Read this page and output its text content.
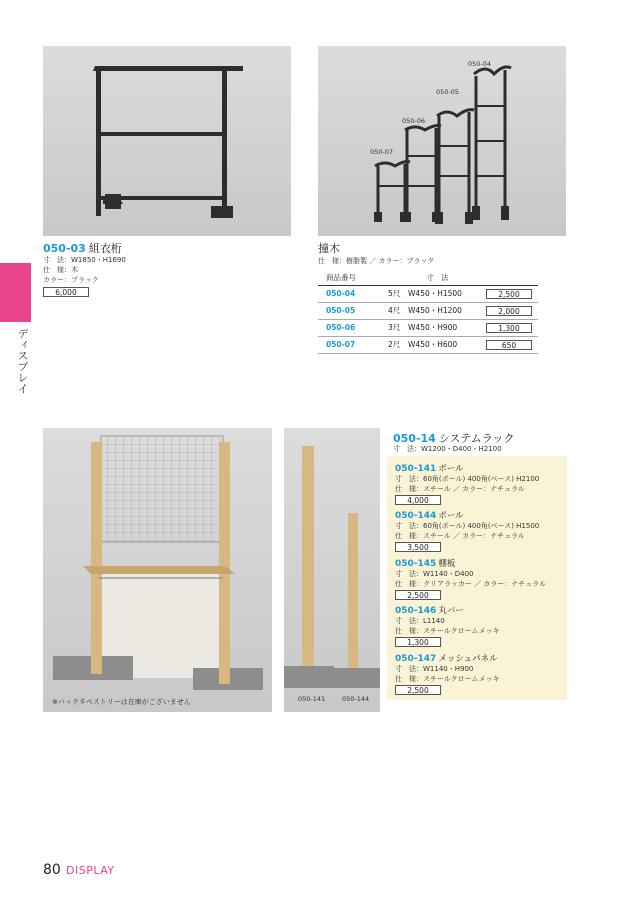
ディスプレイ
050-03 組衣桁
寸　法：W1850・H1690
仕　様：木
カラー：ブラック
6,000
050-07
050-06
050-05
050-04
撞木
仕　様：樹脂製 ／ カラー：ブラック
商品番号	寸　法		
050-04	5尺	W450・H1500	2,500
050-05	4尺	W450・H1200	2,000
050-06	3尺	W450・H900	1,300
050-07	2尺	W450・H600	650
※バックタペストリーは在庫がございません	050-141	050-144
050-14 システムラック
寸　法：W1200・D400・H2100
050-141 ポール
寸　法：60角(ポール) 400角(ベース) H2100
仕　様：スチール ／ カラー：ナチュラル
4,000
050-144 ポール
寸　法：60角(ポール) 400角(ベース) H1500
仕　様：スチール ／ カラー：ナチュラル
3,500
050-145 棚板
寸　法：W1140・D400
仕　様：クリアラッカー ／ カラー：ナチュラル
2,500
050-146 丸バー
寸　法：L1140
仕　様：スチールクロームメッキ
1,300
050-147 メッシュパネル
寸　法：W1140・H900
仕　様：スチールクロームメッキ
2,500
80 DISPLAY
